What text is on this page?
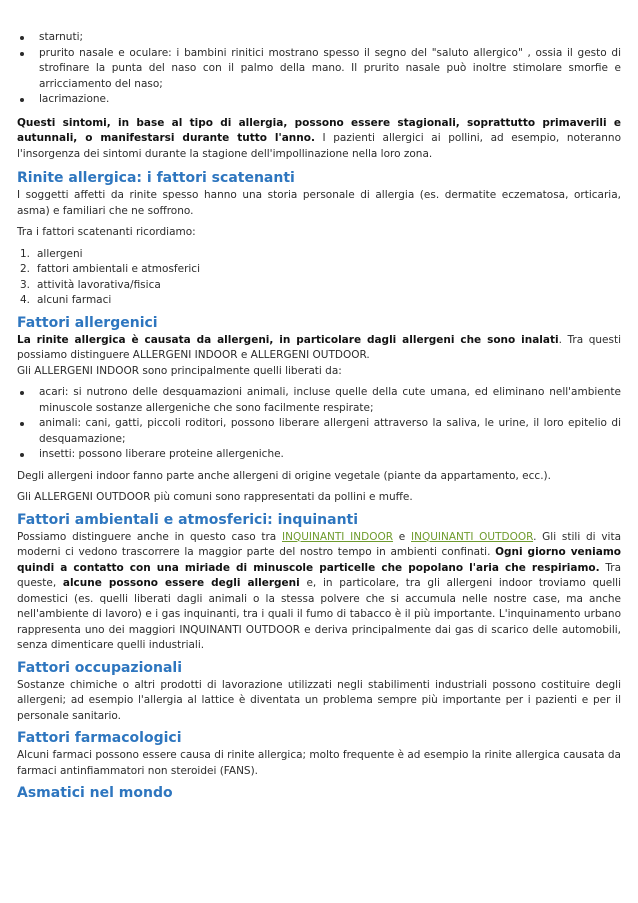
starnuti;
prurito nasale e oculare: i bambini rinitici mostrano spesso il segno del "saluto allergico" , ossia il gesto di strofinare la punta del naso con il palmo della mano. Il prurito nasale può inoltre stimolare smorfie e arricciamento del naso;
lacrimazione.

Questi sintomi, in base al tipo di allergia, possono essere stagionali, soprattutto primaverili e autunnali, o manifestarsi durante tutto l'anno. I pazienti allergici ai pollini, ad esempio, noteranno l'insorgenza dei sintomi durante la stagione dell'impollinazione nella loro zona.

Rinite allergica: i fattori scatenanti

I soggetti affetti da rinite spesso hanno una storia personale di allergia (es. dermatite eczematosa, orticaria, asma) e familiari che ne soffrono.

Tra i fattori scatenanti ricordiamo:

1. allergeni
2. fattori ambientali e atmosferici
3. attività lavorativa/fisica
4. alcuni farmaci
Fattori allergenici

La rinite allergica è causata da allergeni, in particolare dagli allergeni che sono inalati. Tra questi possiamo distinguere ALLERGENI INDOOR e ALLERGENI OUTDOOR.

Gli ALLERGENI INDOOR sono principalmente quelli liberati da:

acari: si nutrono delle desquamazioni animali, incluse quelle della cute umana, ed eliminano nell'ambiente minuscole sostanze allergeniche che sono facilmente respirate;
animali: cani, gatti, piccoli roditori, possono liberare allergeni attraverso la saliva, le urine, il loro epitelio di desquamazione;
insetti: possono liberare proteine allergeniche.

Degli allergeni indoor fanno parte anche allergeni di origine vegetale (piante da appartamento, ecc.).

Gli ALLERGENI OUTDOOR più comuni sono rappresentati da pollini e muffe.

Fattori ambientali e atmosferici: inquinanti

Possiamo distinguere anche in questo caso tra INQUINANTI INDOOR e INQUINANTI OUTDOOR. Gli stili di vita moderni ci vedono trascorrere la maggior parte del nostro tempo in ambienti confinati. Ogni giorno veniamo quindi a contatto con una miriade di minuscole particelle che popolano l'aria che respiriamo. Tra queste, alcune possono essere degli allergeni e, in particolare, tra gli allergeni indoor troviamo quelli domestici (es. quelli liberati dagli animali o la stessa polvere che si accumula nelle nostre case, ma anche nell'ambiente di lavoro) e i gas inquinanti, tra i quali il fumo di tabacco è il più importante. L'inquinamento urbano rappresenta uno dei maggiori INQUINANTI OUTDOOR e deriva principalmente dai gas di scarico delle automobili, senza dimenticare quelli industriali.

Fattori occupazionali

Sostanze chimiche o altri prodotti di lavorazione utilizzati negli stabilimenti industriali possono costituire degli allergeni; ad esempio l'allergia al lattice è diventata un problema sempre più importante per i pazienti e per il personale sanitario.

Fattori farmacologici

Alcuni farmaci possono essere causa di rinite allergica; molto frequente è ad esempio la rinite allergica causata da farmaci antinfiammatori non steroidei (FANS).

Asmatici nel mondo
